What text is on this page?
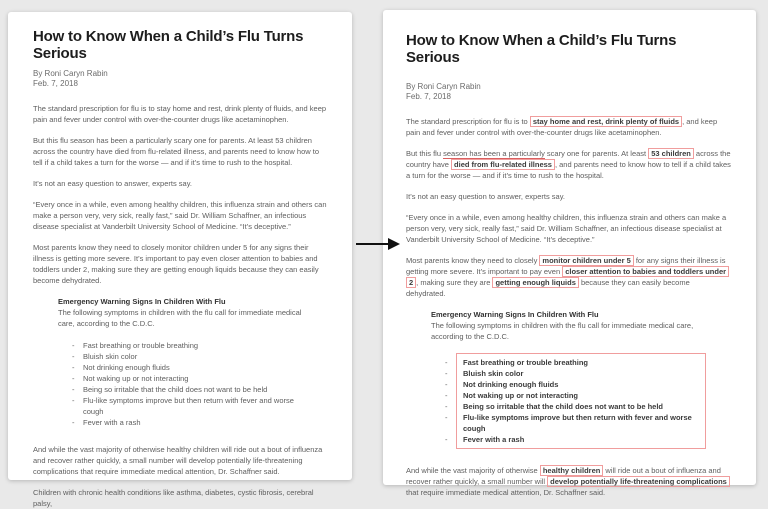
How to Know When a Child’s Flu Turns Serious
By Roni Caryn Rabin
Feb. 7, 2018

The standard prescription for flu is to stay home and rest, drink plenty of fluids, and keep pain and fever under control with over-the-counter drugs like acetaminophen.

But this flu season has been a particularly scary one for parents. At least 53 children across the country have died from flu-related illness, and parents need to know how to tell if a child takes a turn for the worse — and if it’s time to rush to the hospital.

It’s not an easy question to answer, experts say.

“Every once in a while, even among healthy children, this influenza strain and others can make a person very, very sick, really fast,” said Dr. William Schaffner, an infectious disease specialist at Vanderbilt University School of Medicine. “It’s deceptive.”

Most parents know they need to closely monitor children under 5 for any signs their illness is getting more severe. It’s important to pay even closer attention to babies and toddlers under 2, making sure they are getting enough liquids because they can easily become dehydrated.

Emergency Warning Signs In Children With Flu
The following symptoms in children with the flu call for immediate medical care, according to the C.D.C.
- Fast breathing or trouble breathing
- Bluish skin color
- Not drinking enough fluids
- Not waking up or not interacting
- Being so irritable that the child does not want to be held
- Flu-like symptoms improve but then return with fever and worse cough
- Fever with a rash

And while the vast majority of otherwise healthy children will ride out a bout of influenza and recover rather quickly, a small number will develop potentially life-threatening complications that require immediate medical attention, Dr. Schaffner said.

Children with chronic health conditions like asthma, diabetes, cystic fibrosis, cerebral palsy,

How to Know When a Child’s Flu Turns Serious
By Roni Caryn Rabin
Feb. 7, 2018

The standard prescription for flu is to stay home and rest, drink plenty of fluids , and keep pain and fever under control with over-the-counter drugs like acetaminophen.

But this flu season has been a particularly scary one for parents. At least 53 children across the country have died from flu-related illness , and parents need to know how to tell if a child takes a turn for the worse — and if it’s time to rush to the hospital.

It’s not an easy question to answer, experts say.

“Every once in a while, even among healthy children, this influenza strain and others can make a person very, very sick, really fast,” said Dr. William Schaffner, an infectious disease specialist at Vanderbilt University School of Medicine. “It’s deceptive.”

Most parents know they need to closely monitor children under 5 for any signs their illness is getting more severe. It’s important to pay even closer attention to babies and toddlers under 2 , making sure they are getting enough liquids because they can easily become dehydrated.

Emergency Warning Signs In Children With Flu
The following symptoms in children with the flu call for immediate medical care, according to the C.D.C.
- Fast breathing or trouble breathing
- Bluish skin color
- Not drinking enough fluids
- Not waking up or not interacting
- Being so irritable that the child does not want to be held
- Flu-like symptoms improve but then return with fever and worse cough
- Fever with a rash

And while the vast majority of otherwise healthy children will ride out a bout of influenza and recover rather quickly, a small number will develop potentially life-threatening complications that require immediate medical attention, Dr. Schaffner said.
